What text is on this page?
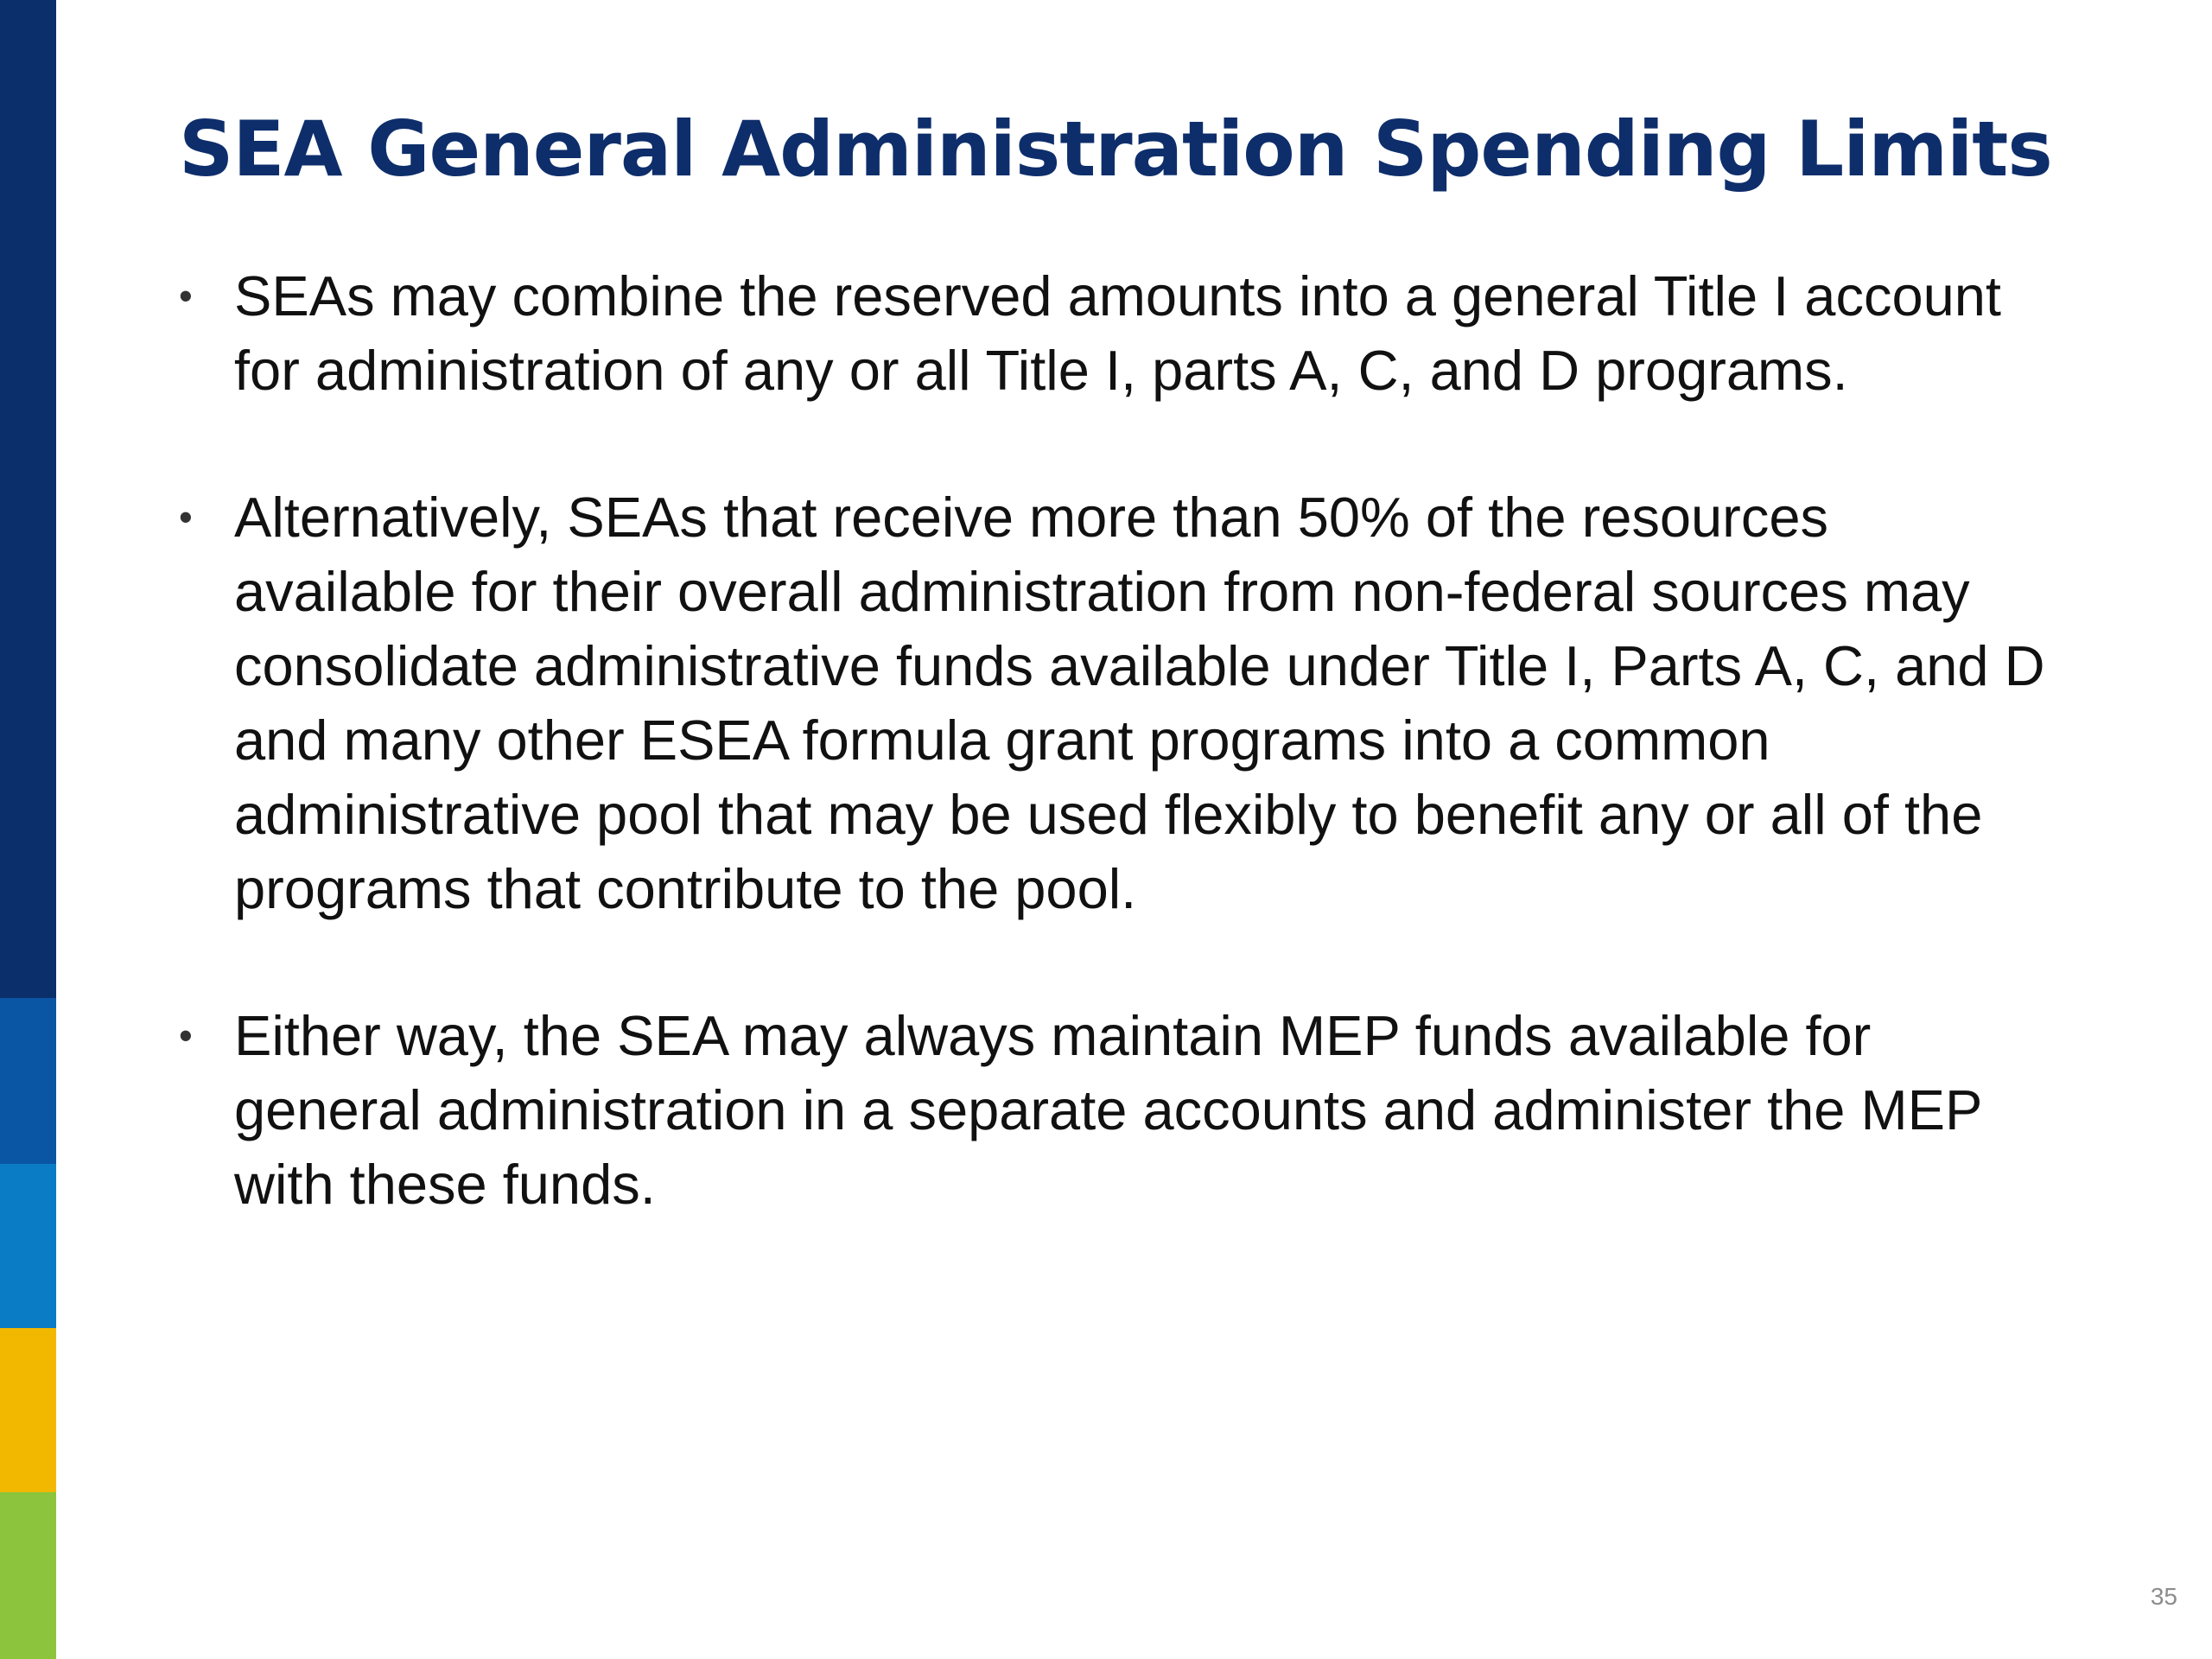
SEA General Administration Spending Limits
• SEAs may combine the reserved amounts into a general Title I account for administration of any or all Title I, parts A, C, and D programs.
• Alternatively, SEAs that receive more than 50% of the resources available for their overall administration from non-federal sources may consolidate administrative funds available under Title I, Parts A, C, and D and many other ESEA formula grant programs into a common administrative pool that may be used flexibly to benefit any or all of the programs that contribute to the pool.
• Either way, the SEA may always maintain MEP funds available for general administration in a separate accounts and administer the MEP with these funds.
35
